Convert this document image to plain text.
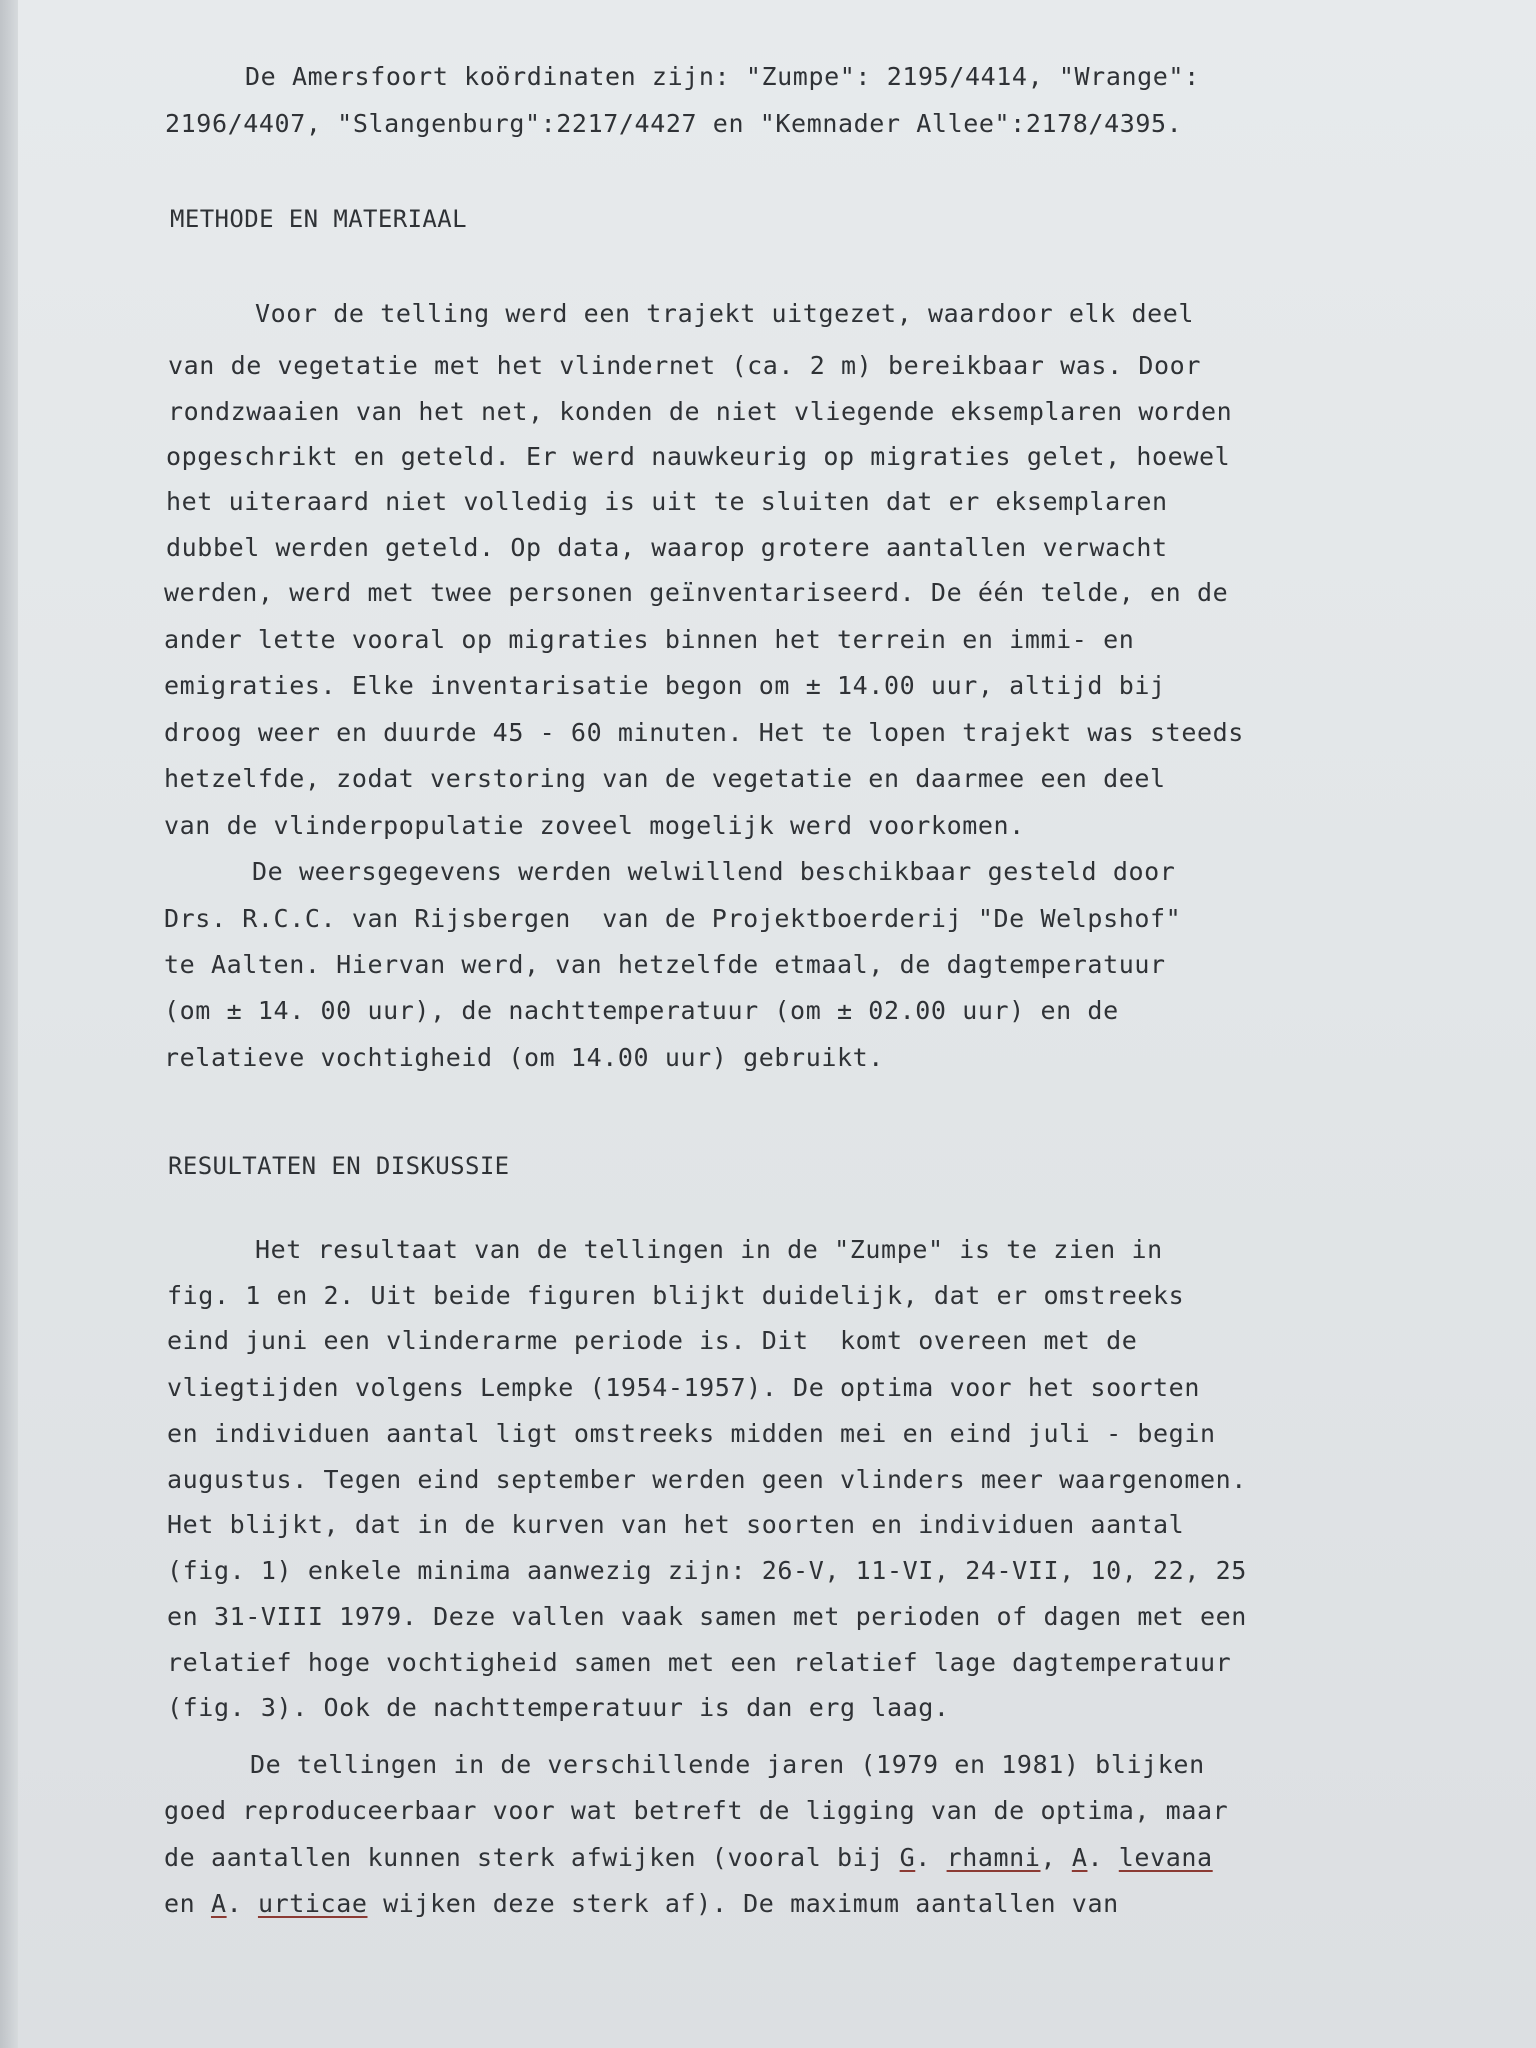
De Amersfoort koördinaten zijn: "Zumpe": 2195/4414, "Wrange":
2196/4407, "Slangenburg":2217/4427 en "Kemnader Allee":2178/4395.
METHODE EN MATERIAAL
Voor de telling werd een trajekt uitgezet, waardoor elk deel
van de vegetatie met het vlindernet (ca. 2 m) bereikbaar was. Door
rondzwaaien van het net, konden de niet vliegende eksemplaren worden
opgeschrikt en geteld. Er werd nauwkeurig op migraties gelet, hoewel
het uiteraard niet volledig is uit te sluiten dat er eksemplaren
dubbel werden geteld. Op data, waarop grotere aantallen verwacht
werden, werd met twee personen geïnventariseerd. De één telde, en de
ander lette vooral op migraties binnen het terrein en immi- en
emigraties. Elke inventarisatie begon om ± 14.00 uur, altijd bij
droog weer en duurde 45 - 60 minuten. Het te lopen trajekt was steeds
hetzelfde, zodat verstoring van de vegetatie en daarmee een deel
van de vlinderpopulatie zoveel mogelijk werd voorkomen.
De weersgegevens werden welwillend beschikbaar gesteld door
Drs. R.C.C. van Rijsbergen  van de Projektboerderij "De Welpshof"
te Aalten. Hiervan werd, van hetzelfde etmaal, de dagtemperatuur
(om ± 14. 00 uur), de nachttemperatuur (om ± 02.00 uur) en de
relatieve vochtigheid (om 14.00 uur) gebruikt.
RESULTATEN EN DISKUSSIE
Het resultaat van de tellingen in de "Zumpe" is te zien in
fig. 1 en 2. Uit beide figuren blijkt duidelijk, dat er omstreeks
eind juni een vlinderarme periode is. Dit  komt overeen met de
vliegtijden volgens Lempke (1954-1957). De optima voor het soorten
en individuen aantal ligt omstreeks midden mei en eind juli - begin
augustus. Tegen eind september werden geen vlinders meer waargenomen.
Het blijkt, dat in de kurven van het soorten en individuen aantal
(fig. 1) enkele minima aanwezig zijn: 26-V, 11-VI, 24-VII, 10, 22, 25
en 31-VIII 1979. Deze vallen vaak samen met perioden of dagen met een
relatief hoge vochtigheid samen met een relatief lage dagtemperatuur
(fig. 3). Ook de nachttemperatuur is dan erg laag.
De tellingen in de verschillende jaren (1979 en 1981) blijken
goed reproduceerbaar voor wat betreft de ligging van de optima, maar
de aantallen kunnen sterk afwijken (vooral bij G. rhamni, A. levana
en A. urticae wijken deze sterk af). De maximum aantallen van
